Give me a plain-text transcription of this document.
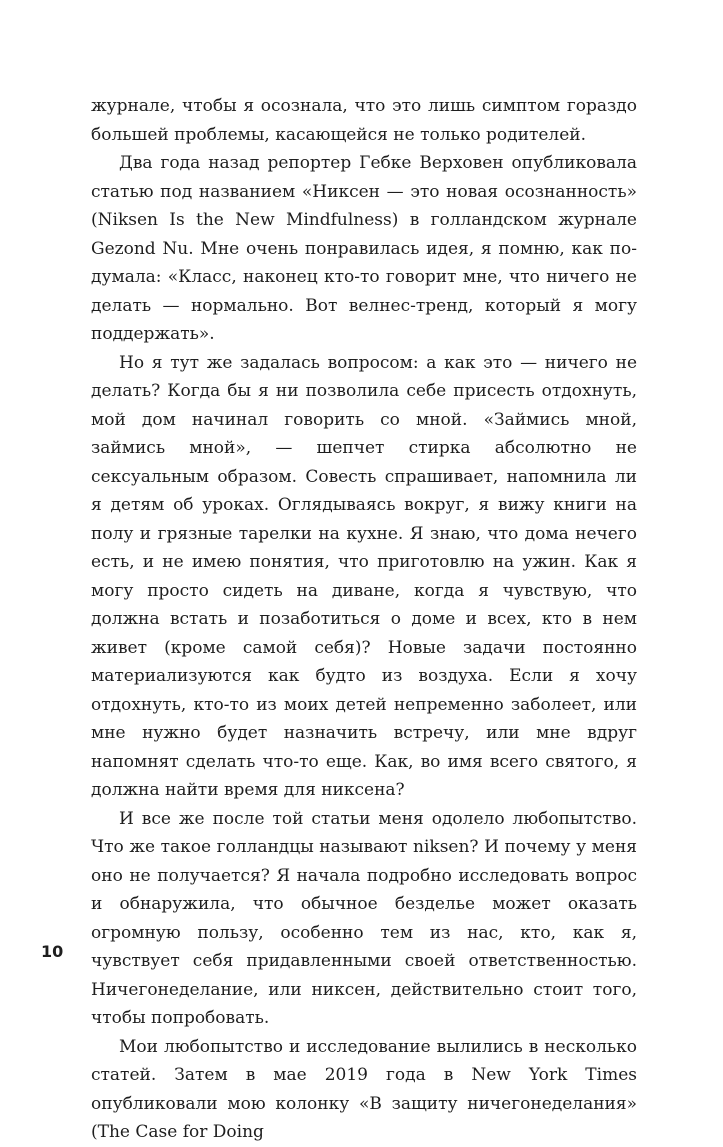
журнале, чтобы я осознала, что это лишь симптом гораздо большей проблемы, касающейся не только родителей.

Два года назад репортер Гебке Верховен опубликовала статью под названием «Никсен — это новая осознанность» (Niksen Is the New Mindfulness) в голландском журнале Gezond Nu. Мне очень понравилась идея, я помню, как подумала: «Класс, наконец кто-то говорит мне, что ничего не делать — нормально. Вот велнес-тренд, который я могу поддержать».

Но я тут же задалась вопросом: а как это — ничего не делать? Когда бы я ни позволила себе присесть отдохнуть, мой дом начинал говорить со мной. «Займись мной, займись мной», — шепчет стирка абсолютно не сексуальным образом. Совесть спрашивает, напомнила ли я детям об уроках. Оглядываясь вокруг, я вижу книги на полу и грязные тарелки на кухне. Я знаю, что дома нечего есть, и не имею понятия, что приготовлю на ужин. Как я могу просто сидеть на диване, когда я чувствую, что должна встать и позаботиться о доме и всех, кто в нем живет (кроме самой себя)? Новые задачи постоянно материализуются как будто из воздуха. Если я хочу отдохнуть, кто-то из моих детей непременно заболеет, или мне нужно будет назначить встречу, или мне вдруг напомнят сделать что-то еще. Как, во имя всего святого, я должна найти время для никсена?

И все же после той статьи меня одолело любопытство. Что же такое голландцы называют niksen? И почему у меня оно не получается? Я начала подробно исследовать вопрос и обнаружила, что обычное безделье может оказать огромную пользу, особенно тем из нас, кто, как я, чувствует себя придавленными своей ответственностью. Ничегонеделание, или никсен, действительно стоит того, чтобы попробовать.

Мои любопытство и исследование вылились в несколько статей. Затем в мае 2019 года в New York Times опубликовали мою колонку «В защиту ничегонеделания» (The Case for Doing

10
